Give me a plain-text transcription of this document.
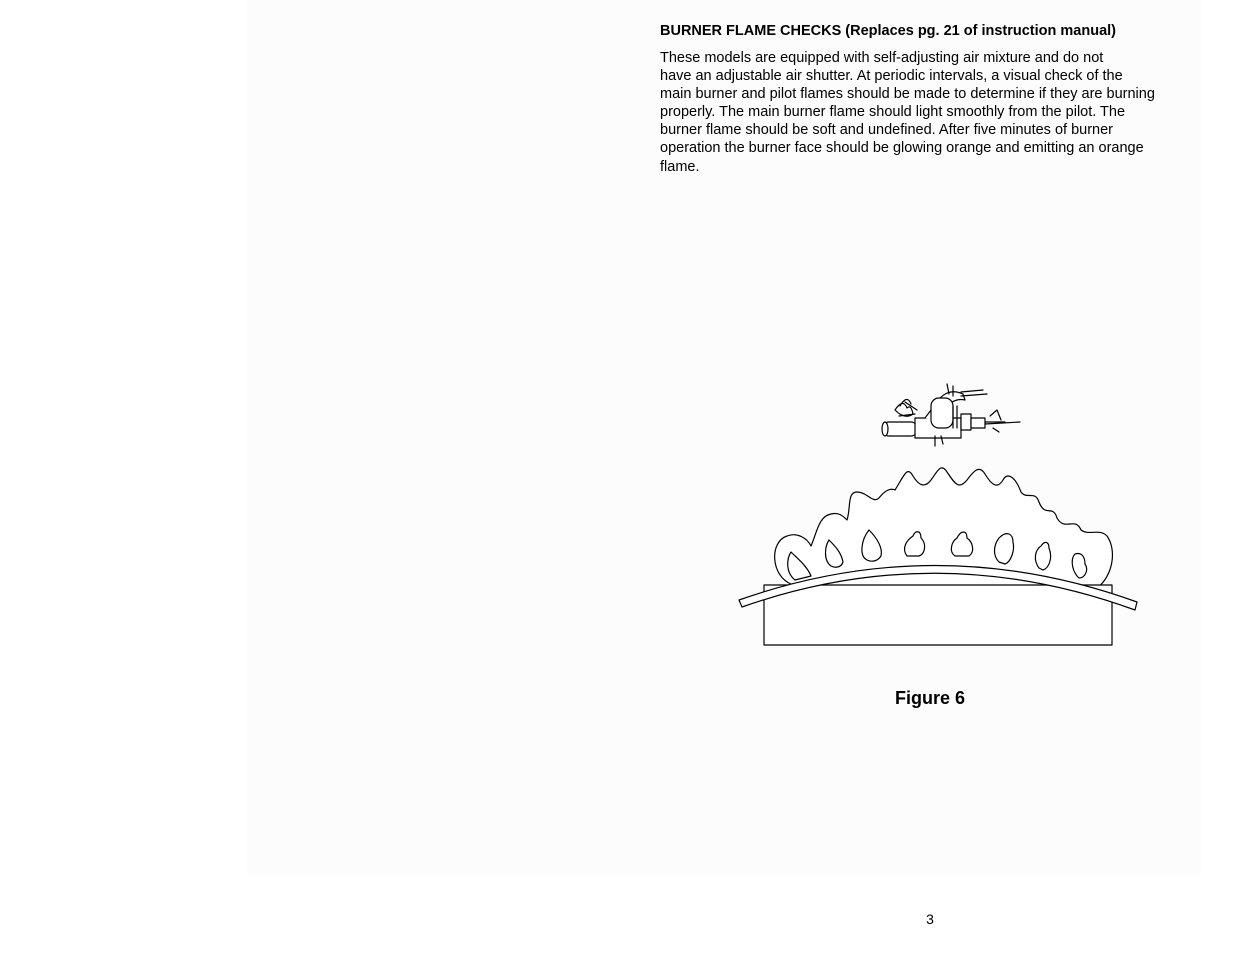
BURNER FLAME CHECKS (Replaces pg. 21 of instruction manual)
These models are equipped with self-adjusting air mixture and do not
have an adjustable air shutter. At periodic intervals, a visual check of the
main burner and pilot flames should be made to determine if they are burning
properly. The main burner flame should light smoothly from the pilot. The
burner flame should be soft and undefined. After five minutes of burner
operation the burner face should be glowing orange and emitting an orange
flame.
Figure 6
3
